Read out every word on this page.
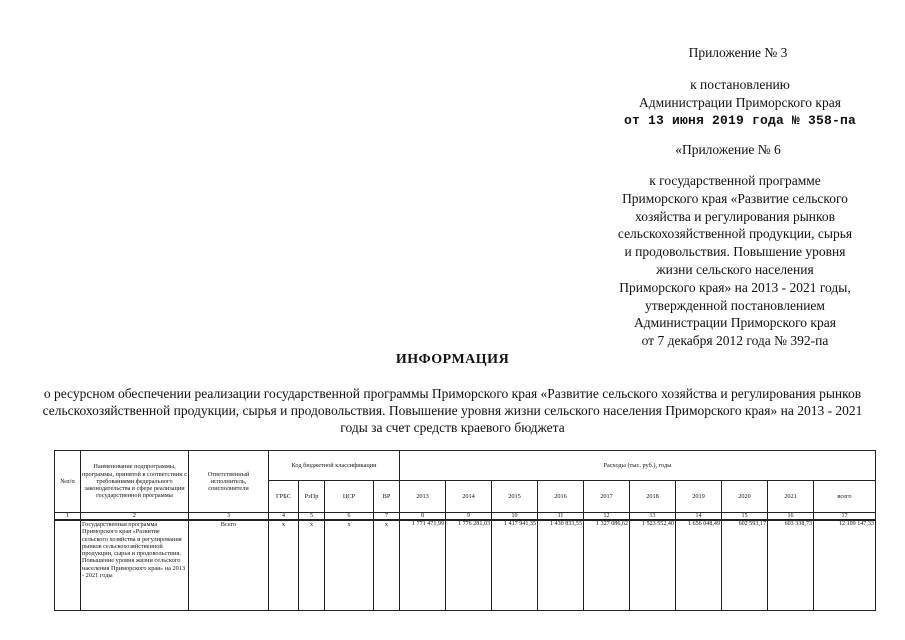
Приложение № 3
к постановлению
Администрации Приморского края
от 13 июня 2019 года № 358-па
«Приложение № 6
к государственной программе
Приморского края «Развитие сельского
хозяйства и регулирования рынков
сельскохозяйственной продукции, сырья
и продовольствия. Повышение уровня
жизни сельского населения
Приморского края» на 2013 - 2021 годы,
утвержденной постановлением
Администрации Приморского края
от 7 декабря 2012 года № 392-па
ИНФОРМАЦИЯ
о ресурсном обеспечении реализации государственной программы Приморского края «Развитие сельского хозяйства и регулирования рынков сельскохозяйственной продукции, сырья и продовольствия. Повышение уровня жизни сельского населения Приморского края» на 2013 - 2021 годы за счет средств краевого бюджета
№п/п	Наименование подпрограммы, программы, принятой в соответствии с требованиями федерального законодательства в сфере реализации государственной программы	Ответственный исполнитель, соисполнители	Код бюджетной классификации				Расходы (тыс. руб.), годы									
			ГРБС	РзПр	ЦСР	ВР	2013	2014	2015	2016	2017	2018	2019	2020	2021	всего
1	2	3	4	5	6	7	8	9	10	11	12	13	14	15	16	17
	Государственная программа Приморского края «Развитие сельского хозяйства и регулирования рынков сельскохозяйственной продукции, сырья и продовольствия. Повышение уровня жизни сельского населения Приморского края» на 2013 - 2021 годы	Всего	х	х	х	х	1 771 471,99	1 776 281,03	1 417 941,35	1 430 833,55	1 327 086,62	1 523 552,40	1 656 048,49	602 593,17	603 338,73	12 109 147,33
